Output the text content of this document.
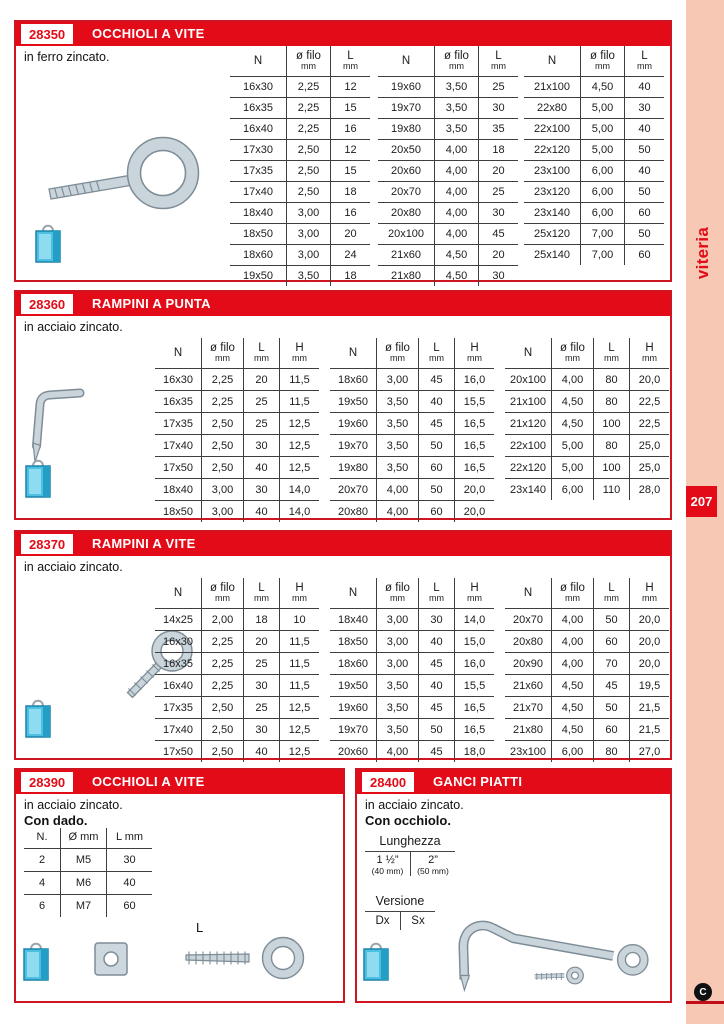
28350	OCCHIOLI A VITE
in ferro zincato.	N	ø filo
mm
L
mm
16x30	2,25	12
16x35	2,25	15
16x40	2,25	16
17x30	2,50	12
17x35	2,50	15
17x40	2,50	18
18x40	3,00	16
18x50	3,00	20
18x60	3,00	24
19x50	3,50	18
N	ø filo
mm
L
mm
19x60	3,50	25
19x70	3,50	30
19x80	3,50	35
20x50	4,00	18
20x60	4,00	20
20x70	4,00	25
20x80	4,00	30
20x100	4,00	45
21x60	4,50	20
21x80	4,50	30
N	ø filo
mm
L
mm
21x100	4,50	40
22x80	5,00	30
22x100	5,00	40
22x120	5,00	50
23x100	6,00	40
23x120	6,00	50
23x140	6,00	60
25x120	7,00	50
25x140	7,00	60
28360	RAMPINI A PUNTA
in acciaio zincato.
N ø filo
mm
L
mm
H
mm
16x30	2,25	20	11,5
16x35	2,25	25	11,5
17x35	2,50	25	12,5
17x40	2,50	30	12,5
17x50	2,50	40	12,5
18x40	3,00	30	14,0
18x50	3,00	40	14,0
N ø filo
mm
L
mm
H
mm
18x60	3,00	45	16,0
19x50	3,50	40	15,5
19x60	3,50	45	16,5
19x70	3,50	50	16,5
19x80	3,50	60	16,5
20x70	4,00	50	20,0
20x80	4,00	60	20,0
N ø filo
mm
L
mm
H
mm
20x100	4,00	80	20,0
21x100	4,50	80	22,5
21x120	4,50	100	22,5
22x100	5,00	80	25,0
22x120	5,00	100	25,0
23x140	6,00	110	28,0
28370	RAMPINI A VITE
in acciaio zincato.
N ø filo
mm
L
mm
H
mm
14x25	2,00	18	10
16x30	2,25	20	11,5
16x35	2,25	25	11,5
16x40	2,25	30	11,5
17x35	2,50	25	12,5
17x40	2,50	30	12,5
17x50	2,50	40	12,5
N ø filo
mm
L
mm
H
mm
18x40	3,00	30	14,0
18x50	3,00	40	15,0
18x60	3,00	45	16,0
19x50	3,50	40	15,5
19x60	3,50	45	16,5
19x70	3,50	50	16,5
20x60	4,00	45	18,0
N ø filo
mm
L
mm
H
mm
20x70	4,00	50	20,0
20x80	4,00	60	20,0
20x90	4,00	70	20,0
21x60	4,50	45	19,5
21x70	4,50	50	21,5
21x80	4,50	60	21,5
23x100	6,00	80	27,0
28390	OCCHIOLI A VITE
in acciaio zincato.
Con dado.
N. Ø mm L mm
2	M5	30
4	M6	40
6	M7	60
L
28400	GANCI PIATTI
in acciaio zincato.
Con occhiolo.
Lunghezza
1 ½”
(40 mm)
2”
(50 mm)
Versione
Dx	Sx
viteria
207
C
